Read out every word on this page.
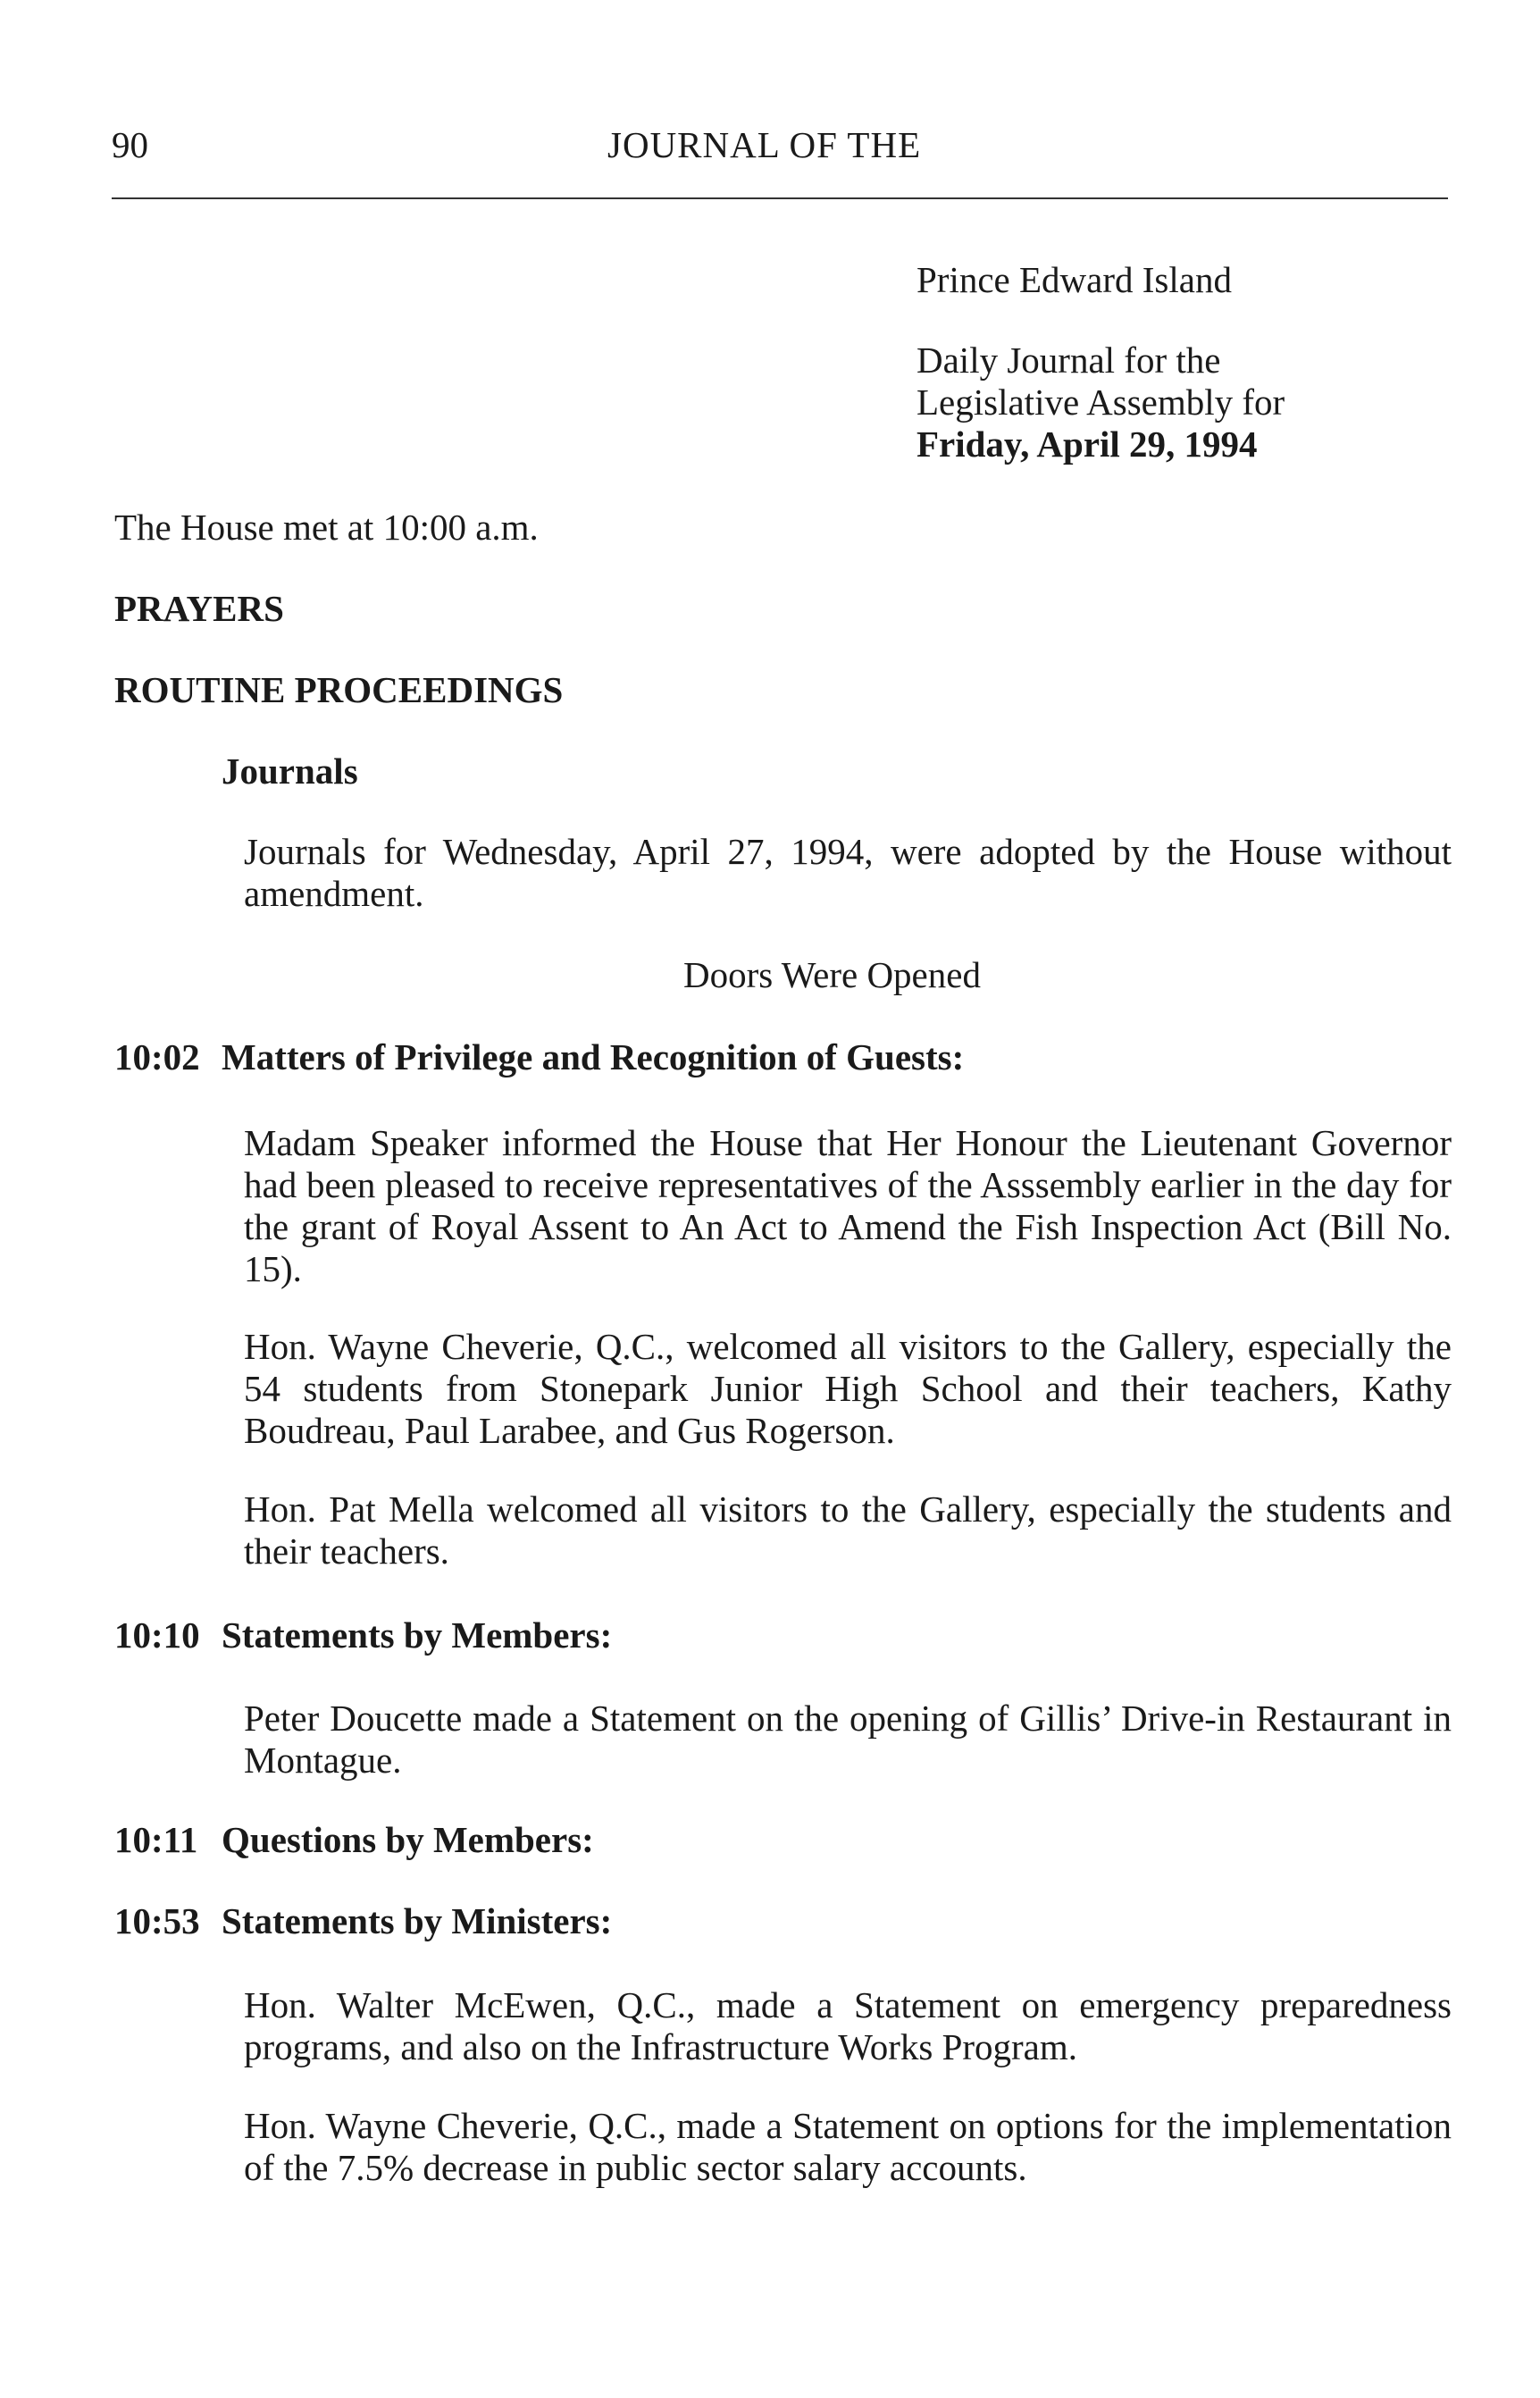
90	JOURNAL OF THE
Prince Edward Island
Daily Journal for the
Legislative Assembly for
Friday, April 29, 1994
The House met at 10:00 a.m.
PRAYERS
ROUTINE PROCEEDINGS
Journals
Journals for Wednesday, April 27, 1994, were adopted by the House without amendment.
Doors Were Opened
10:02 Matters of Privilege and Recognition of Guests:
Madam Speaker informed the House that Her Honour the Lieutenant Governor had been pleased to receive representatives of the Asssembly earlier in the day for the grant of Royal Assent to An Act to Amend the Fish Inspection Act (Bill No. 15).
Hon. Wayne Cheverie, Q.C., welcomed all visitors to the Gallery, especially the 54 students from Stonepark Junior High School and their teachers, Kathy Boudreau, Paul Larabee, and Gus Rogerson.
Hon. Pat Mella welcomed all visitors to the Gallery, especially the students and their teachers.
10:10 Statements by Members:
Peter Doucette made a Statement on the opening of Gillis’ Drive-in Restaurant in Montague.
10:11 Questions by Members:
10:53 Statements by Ministers:
Hon. Walter McEwen, Q.C., made a Statement on emergency preparedness programs, and also on the Infrastructure Works Program.
Hon. Wayne Cheverie, Q.C., made a Statement on options for the implementation of the 7.5% decrease in public sector salary accounts.
